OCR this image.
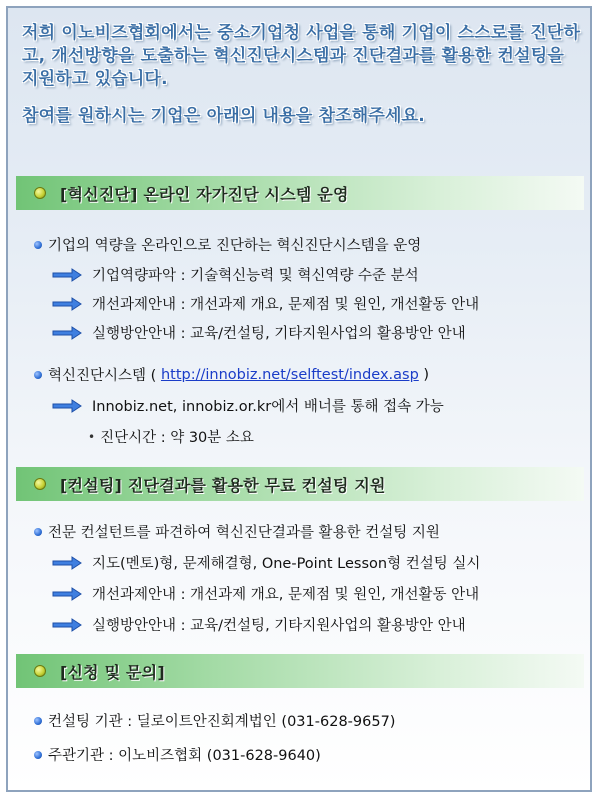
저희 이노비즈협회에서는 중소기업청 사업을 통해 기업이 스스로를 진단하고, 개선방향을 도출하는 혁신진단시스템과 진단결과를 활용한 컨설팅을 지원하고 있습니다.

참여를 원하시는 기업은 아래의 내용을 참조해주세요.

[혁신진단] 온라인 자가진단 시스템 운영
기업의 역량을 온라인으로 진단하는 혁신진단시스템을 운영
기업역량파악 : 기술혁신능력 및 혁신역량 수준 분석
개선과제안내 : 개선과제 개요, 문제점 및 원인, 개선활동 안내
실행방안안내 : 교육/컨설팅, 기타지원사업의 활용방안 안내
혁신진단시스템 (
http://innobiz.net/selftest/index.asp
)
Innobiz.net, innobiz.or.kr에서 배너를 통해 접속 가능
• 진단시간 : 약 30분 소요
[컨설팅] 진단결과를 활용한 무료 컨설팅 지원
전문 컨설턴트를 파견하여 혁신진단결과를 활용한 컨설팅 지원
지도(멘토)형, 문제해결형, One-Point Lesson형 컨설팅 실시
개선과제안내 : 개선과제 개요, 문제점 및 원인, 개선활동 안내
실행방안안내 : 교육/컨설팅, 기타지원사업의 활용방안 안내
[신청 및 문의]
컨설팅 기관 : 딜로이트안진회계법인 (031-628-9657)
주관기관 : 이노비즈협회 (031-628-9640)
